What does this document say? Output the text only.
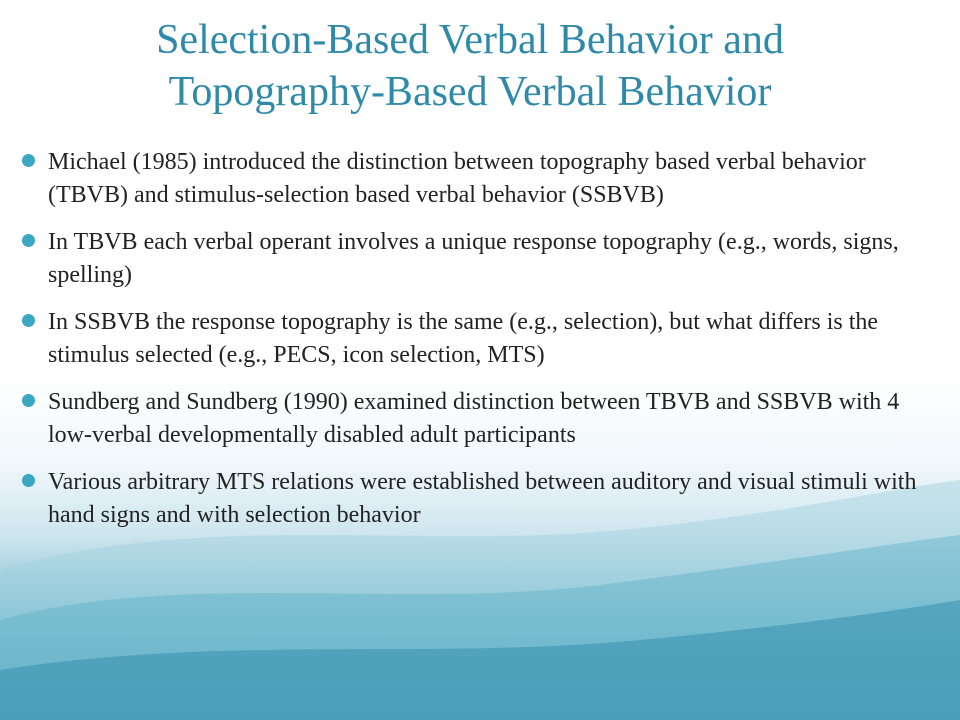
Selection-Based Verbal Behavior and
Topography-Based Verbal Behavior
Michael (1985) introduced the distinction between topography based verbal behavior (TBVB) and stimulus-selection based verbal behavior (SSBVB)
In TBVB each verbal operant involves a unique response topography (e.g., words, signs, spelling)
In SSBVB the response topography is the same (e.g., selection), but what differs is the stimulus selected (e.g., PECS, icon selection, MTS)
Sundberg and Sundberg (1990) examined distinction between TBVB and SSBVB with 4 low-verbal developmentally disabled adult participants
Various arbitrary MTS relations were established between auditory and visual stimuli with hand signs and with selection behavior
